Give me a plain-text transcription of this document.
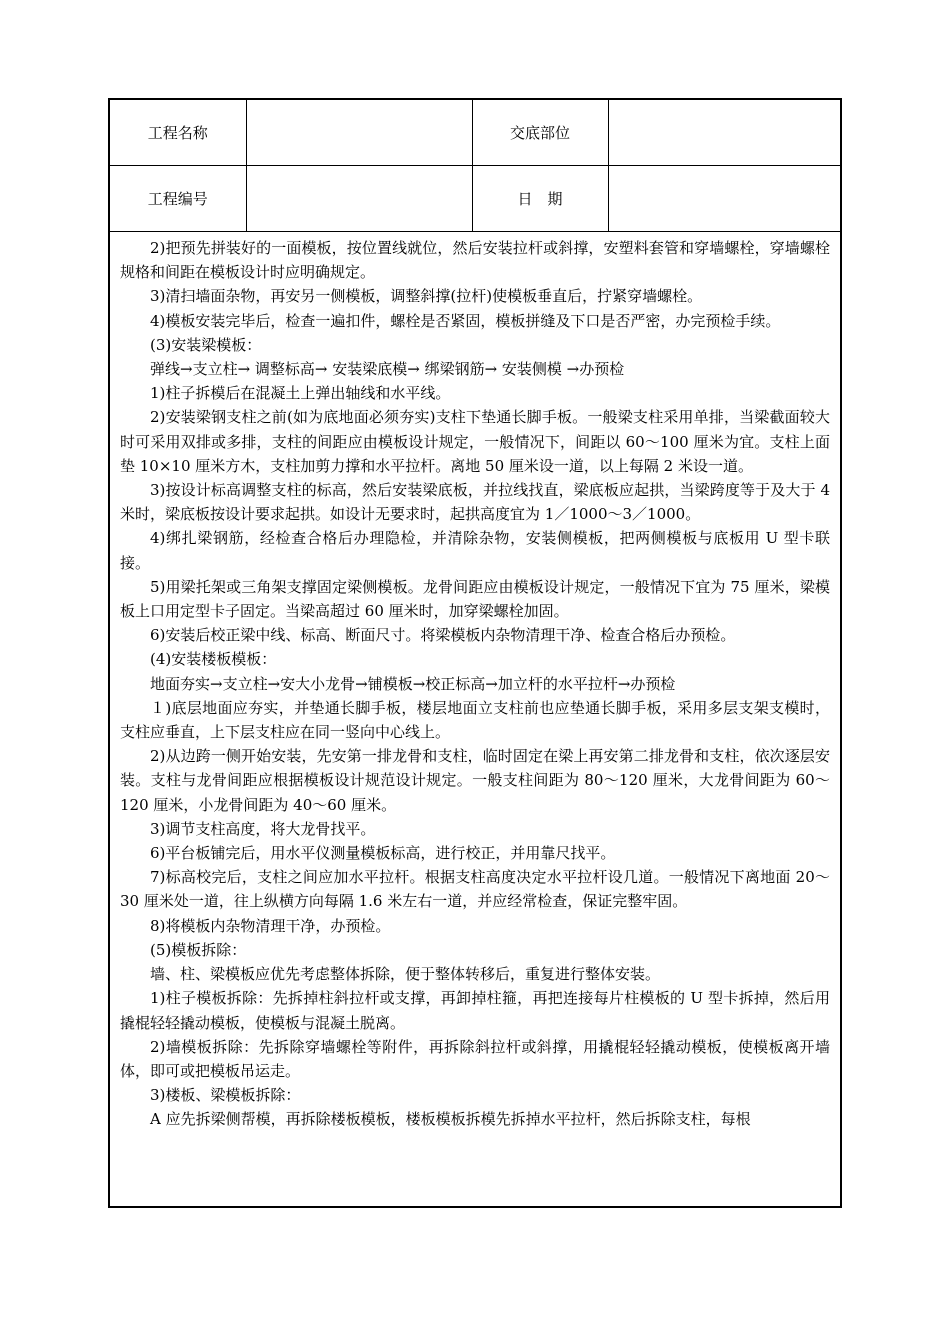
工程名称		交底部位	
工程编号		日　期	

2)把预先拼装好的一面模板，按位置线就位，然后安装拉杆或斜撑，安塑料套管和穿墙螺栓，穿墙螺栓规格和间距在模板设计时应明确规定。

3)清扫墙面杂物，再安另一侧模板，调整斜撑(拉杆)使模板垂直后，拧紧穿墙螺栓。

4)模板安装完毕后，检查一遍扣件，螺栓是否紧固，模板拼缝及下口是否严密，办完预检手续。

(3)安装梁模板：

弹线→支立柱→ 调整标高→ 安装梁底模→ 绑梁钢筋→ 安装侧模 →办预检

1)柱子拆模后在混凝土上弹出轴线和水平线。

2)安装梁钢支柱之前(如为底地面必须夯实)支柱下垫通长脚手板。一般梁支柱采用单排，当梁截面较大时可采用双排或多排，支柱的间距应由模板设计规定，一般情况下，间距以 60～100 厘米为宜。支柱上面垫 10×10 厘米方木，支柱加剪力撑和水平拉杆。离地 50 厘米设一道，以上每隔 2 米设一道。

3)按设计标高调整支柱的标高，然后安装梁底板，并拉线找直，梁底板应起拱，当梁跨度等于及大于 4 米时，梁底板按设计要求起拱。如设计无要求时，起拱高度宜为 1／1000～3／1000。

4)绑扎梁钢筋，经检查合格后办理隐检，并清除杂物，安装侧模板，把两侧模板与底板用 U 型卡联接。

5)用梁托架或三角架支撑固定梁侧模板。龙骨间距应由模板设计规定，一般情况下宜为 75 厘米，梁模板上口用定型卡子固定。当梁高超过 60 厘米时，加穿梁螺栓加固。

6)安装后校正梁中线、标高、断面尺寸。将梁模板内杂物清理干净、检查合格后办预检。

(4)安装楼板模板：

地面夯实→支立柱→安大小龙骨→铺模板→校正标高→加立杆的水平拉杆→办预检

１)底层地面应夯实，并垫通长脚手板，楼层地面立支柱前也应垫通长脚手板，采用多层支架支模时，支柱应垂直，上下层支柱应在同一竖向中心线上。

2)从边跨一侧开始安装，先安第一排龙骨和支柱，临时固定在梁上再安第二排龙骨和支柱，依次逐层安装。支柱与龙骨间距应根据模板设计规范设计规定。一般支柱间距为 80～120 厘米，大龙骨间距为 60～120 厘米，小龙骨间距为 40～60 厘米。

3)调节支柱高度，将大龙骨找平。

6)平台板铺完后，用水平仪测量模板标高，进行校正，并用靠尺找平。

7)标高校完后，支柱之间应加水平拉杆。根据支柱高度决定水平拉杆设几道。一般情况下离地面 20～30 厘米处一道，往上纵横方向每隔 1.6 米左右一道，并应经常检查，保证完整牢固。

8)将模板内杂物清理干净，办预检。

(5)模板拆除：

墙、柱、梁模板应优先考虑整体拆除，便于整体转移后，重复进行整体安装。

1)柱子模板拆除：先拆掉柱斜拉杆或支撑，再卸掉柱箍，再把连接每片柱模板的 U 型卡拆掉，然后用撬棍轻轻撬动模板，使模板与混凝土脱离。

2)墙模板拆除：先拆除穿墙螺栓等附件，再拆除斜拉杆或斜撑，用撬棍轻轻撬动模板，使模板离开墙体，即可或把模板吊运走。

3)楼板、梁模板拆除：

A 应先拆梁侧帮模，再拆除楼板模板，楼板模板拆模先拆掉水平拉杆，然后拆除支柱，每根
